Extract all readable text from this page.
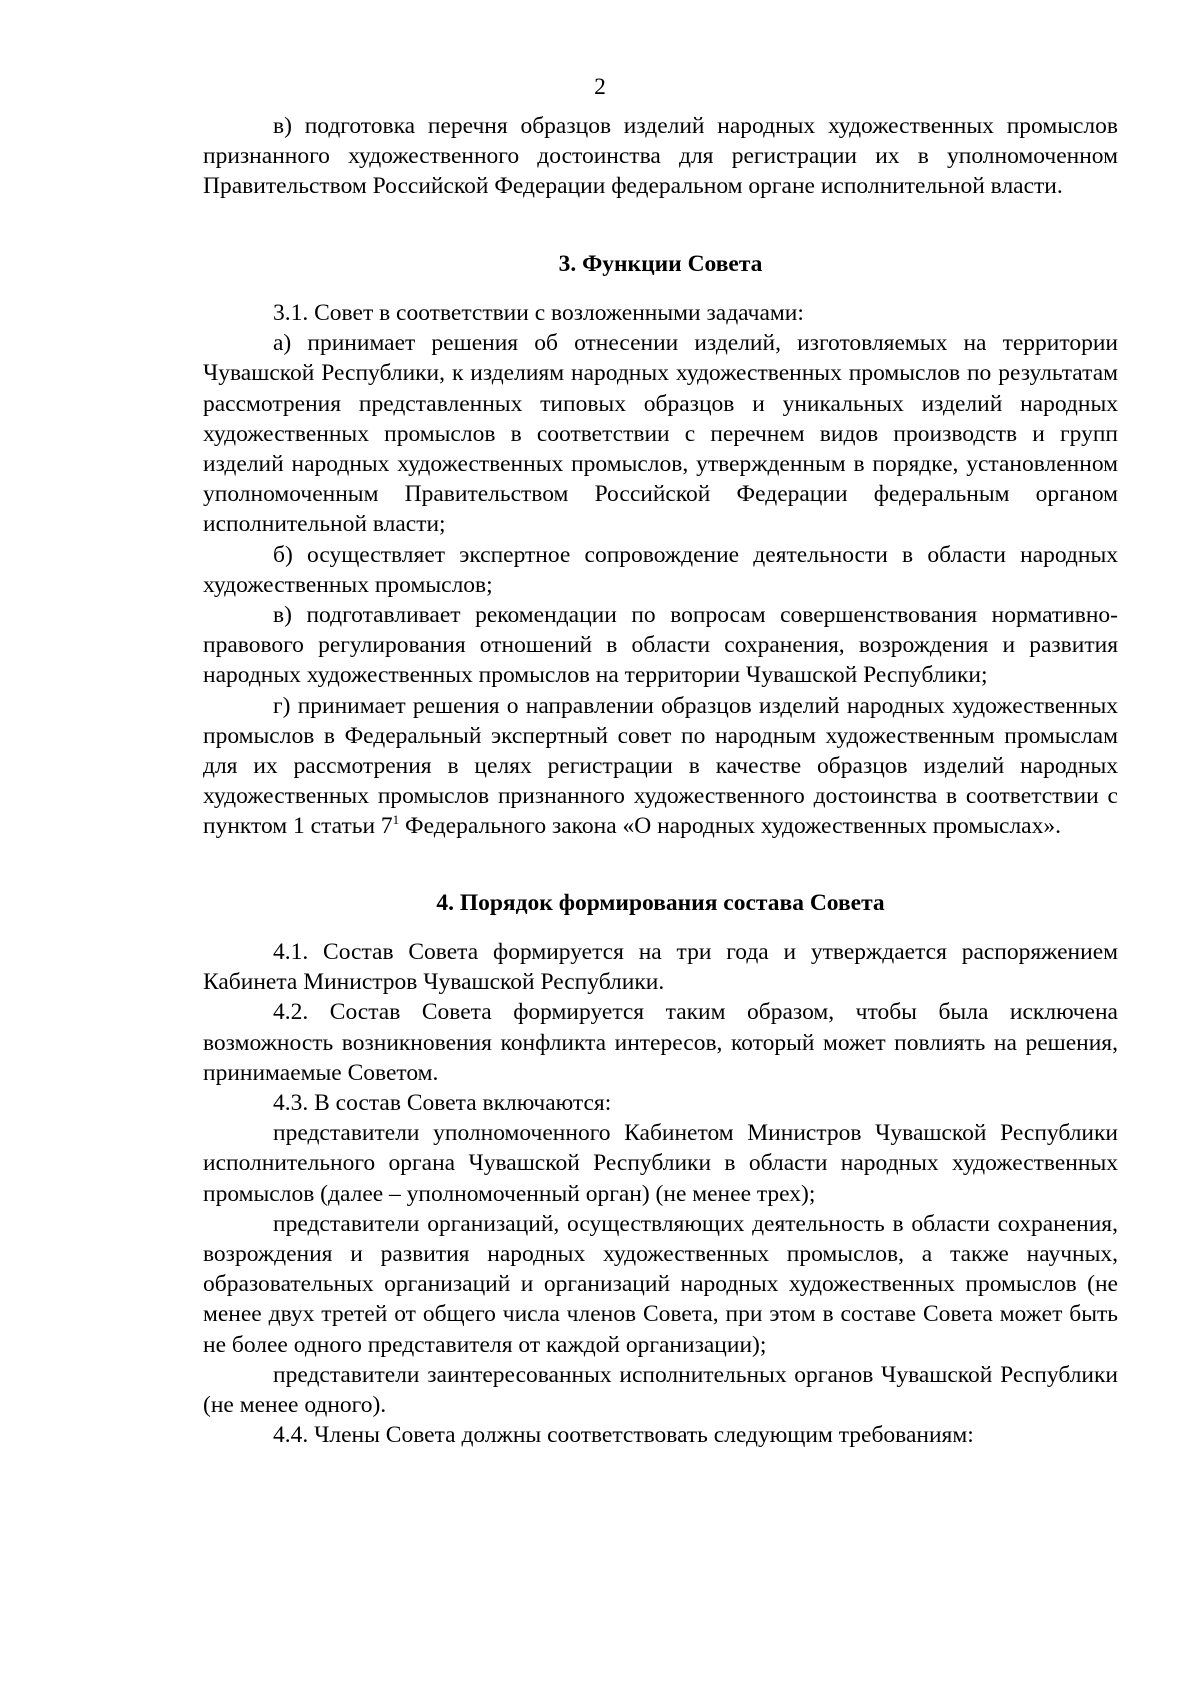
2

в) подготовка перечня образцов изделий народных художественных промыслов признанного художественного достоинства для регистрации их в уполномоченном Правительством Российской Федерации федеральном органе исполнительной власти.

3. Функции Совета

3.1. Совет в соответствии с возложенными задачами:

а) принимает решения об отнесении изделий, изготовляемых на территории Чувашской Республики, к изделиям народных художественных промыслов по результатам рассмотрения представленных типовых образцов и уникальных изделий народных художественных промыслов в соответствии с перечнем видов производств и групп изделий народных художественных промыслов, утвержденным в порядке, установленном уполномоченным Правительством Российской Федерации федеральным органом исполнительной власти;

б) осуществляет экспертное сопровождение деятельности в области народных художественных промыслов;

в) подготавливает рекомендации по вопросам совершенствования нормативно-правового регулирования отношений в области сохранения, возрождения и развития народных художественных промыслов на территории Чувашской Республики;

г) принимает решения о направлении образцов изделий народных художественных промыслов в Федеральный экспертный совет по народным художественным промыслам для их рассмотрения в целях регистрации в качестве образцов изделий народных художественных промыслов признанного художественного достоинства в соответствии с пунктом 1 статьи $7^1$ Федерального закона «О народных художественных промыслах».

4. Порядок формирования состава Совета

4.1. Состав Совета формируется на три года и утверждается распоряжением Кабинета Министров Чувашской Республики.

4.2. Состав Совета формируется таким образом, чтобы была исключена возможность возникновения конфликта интересов, который может повлиять на решения, принимаемые Советом.

4.3. В состав Совета включаются:

представители уполномоченного Кабинетом Министров Чувашской Республики исполнительного органа Чувашской Республики в области народных художественных промыслов (далее – уполномоченный орган) (не менее трех);

представители организаций, осуществляющих деятельность в области сохранения, возрождения и развития народных художественных промыслов, а также научных, образовательных организаций и организаций народных художественных промыслов (не менее двух третей от общего числа членов Совета, при этом в составе Совета может быть не более одного представителя от каждой организации);

представители заинтересованных исполнительных органов Чувашской Республики (не менее одного).

4.4. Члены Совета должны соответствовать следующим требованиям:
